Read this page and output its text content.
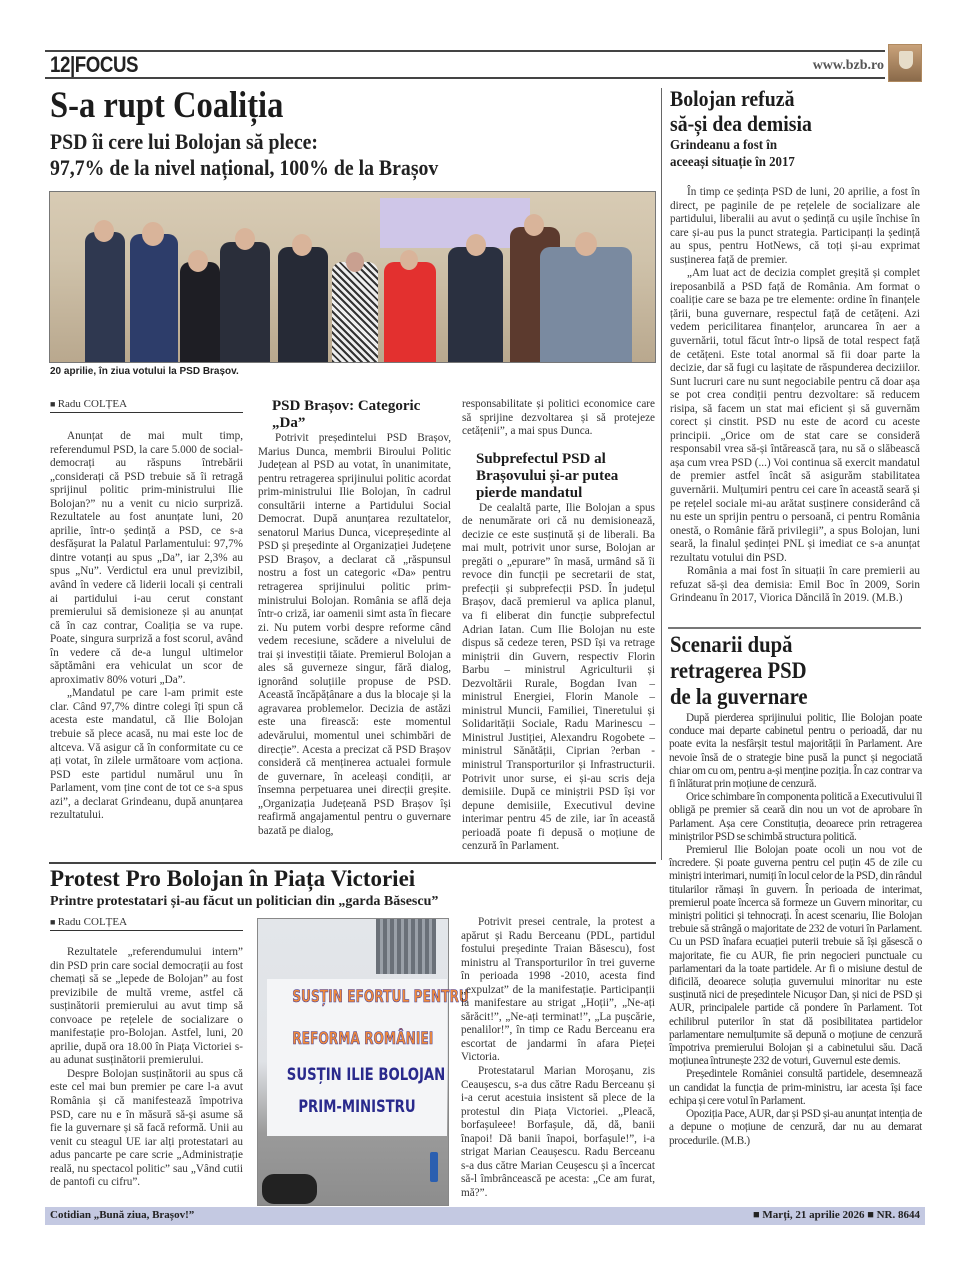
12|FOCUS	www.bzb.ro
S-a rupt Coaliția
PSD îi cere lui Bolojan să plece:
97,7% de la nivel național, 100% de la Brașov
20 aprilie, în ziua votului la PSD Brașov.
■ Radu COLȚEA

Anunțat de mai mult timp, referendumul PSD, la care 5.000 de social-democrați au răspuns întrebării „considerați că PSD trebuie să îi retragă sprijinul politic prim-ministrului Ilie Bolojan?” nu a venit cu nicio surpriză. Rezultatele au fost anunțate luni, 20 aprilie, într-o ședință a PSD, ce s-a desfășurat la Palatul Parlamentului: 97,7% dintre votanți au spus „Da”, iar 2,3% au spus „Nu”. Verdictul era unul previzibil, având în vedere că liderii locali și centrali ai partidului i-au cerut constant premierului să demisioneze și au anunțat că în caz contrar, Coaliția se va rupe. Poate, singura surpriză a fost scorul, având în vedere că de-a lungul ultimelor săptămâni era vehiculat un scor de aproximativ 80% voturi „Da”.

„Mandatul pe care l-am primit este clar. Când 97,7% dintre colegi îți spun că acesta este mandatul, că Ilie Bolojan trebuie să plece acasă, nu mai este loc de altceva. Vă asigur că în conformitate cu ce ați votat, în zilele următoare vom acționa. PSD este partidul numărul unu în Parlament, vom ține cont de tot ce s-a spus azi”, a declarat Grindeanu, după anunțarea rezultatului.

PSD Brașov: Categoric „Da”

Potrivit președintelui PSD Brașov, Marius Dunca, membrii Biroului Politic Județean al PSD au votat, în unanimitate, pentru retragerea sprijinului politic acordat prim-ministrului Ilie Bolojan, în cadrul consultării interne a Partidului Social Democrat. După anunțarea rezultatelor, senatorul Marius Dunca, vicepreședinte al PSD și președinte al Organizației Județene PSD Brașov, a declarat că „răspunsul nostru a fost un categoric «Da» pentru retragerea sprijinului politic prim-ministrului Bolojan. România se află deja într-o criză, iar oamenii simt asta în fiecare zi. Nu putem vorbi despre reforme când vedem recesiune, scădere a nivelului de trai și investiții tăiate. Premierul Bolojan a ales să guverneze singur, fără dialog, ignorând soluțiile propuse de PSD. Această încăpățânare a dus la blocaje și la agravarea problemelor. Decizia de astăzi este una firească: este momentul adevărului, momentul unei schimbări de direcție”. Acesta a precizat că PSD Brașov consideră că menținerea actualei formule de guvernare, în aceleași condiții, ar însemna perpetuarea unei direcții greșite. „Organizația Județeană PSD Brașov își reafirmă angajamentul pentru o guvernare bazată pe dialog,

responsabilitate și politici economice care să sprijine dezvoltarea și să protejeze cetățenii”, a mai spus Dunca.
Subprefectul PSD al Brașovului și-ar putea pierde mandatul

De cealaltă parte, Ilie Bolojan a spus de nenumărate ori că nu demisionează, decizie ce este susținută și de liberali. Ba mai mult, potrivit unor surse, Bolojan ar pregăti o „epurare” în masă, urmând să îi revoce din funcții pe secretarii de stat, prefecții și subprefecții PSD. În județul Brașov, dacă premierul va aplica planul, va fi eliberat din funcție subprefectul Adrian Iatan. Cum Ilie Bolojan nu este dispus să cedeze teren, PSD își va retrage miniștrii din Guvern, respectiv Florin Barbu – ministrul Agriculturii și Dezvoltării Rurale, Bogdan Ivan – ministrul Energiei, Florin Manole – ministrul Muncii, Familiei, Tineretului și Solidarității Sociale, Radu Marinescu – Ministrul Justiției, Alexandru Rogobete – ministrul Sănătății, Ciprian ?erban - ministrul Transporturilor și Infrastructurii. Potrivit unor surse, ei și-au scris deja demisiile. După ce miniștrii PSD își vor depune demisiile, Executivul devine interimar pentru 45 de zile, iar în această perioadă poate fi depusă o moțiune de cenzură în Parlament.

Bolojan refuză
să-și dea demisia
Grindeanu a fost în
aceeași situație în 2017

În timp ce ședința PSD de luni, 20 aprilie, a fost în direct, pe paginile de pe rețelele de socializare ale partidului, liberalii au avut o ședință cu ușile închise în care și-au pus la punct strategia. Participanți la ședință au spus, pentru HotNews, că toți și-au exprimat susținerea față de premier.

„Am luat act de decizia complet greșită și complet ireposanbilă a PSD față de România. Am format o coaliție care se baza pe tre elemente: ordine în finanțele țării, buna guvernare, respectul față de cetățeni. Azi vedem pericilitarea finanțelor, aruncarea în aer a guvernării, totul făcut într-o lipsă de total respect față de cetățeni. Este total anormal să fii doar parte la decizie, dar să fugi cu lașitate de răspunderea deciziilor. Sunt lucruri care nu sunt negociabile pentru că doar așa se pot crea condiții pentru dezvoltare: să reducem risipa, să facem un stat mai eficient și să guvernăm corect și cinstit. PSD nu este de acord cu aceste principii. „Orice om de stat care se consideră responsabil vrea să-și întărească țara, nu să o slăbească așa cum vrea PSD (...) Voi continua să exercit mandatul de premier astfel încât să asigurăm stabilitatea guvernării. Mulțumiri pentru cei care în această seară și pe rețelel sociale mi-au arătat susținere considerând că nu este un sprijin pentru o persoană, ci pentru România onestă, o Românie fără privilegii”, a spus Bolojan, luni seară, la finalul ședinței PNL și imediat ce s-a anunțat rezultatu votului din PSD.

România a mai fost în situații în care premierii au refuzat să-și dea demisia: Emil Boc în 2009, Sorin Grindeanu în 2017, Viorica Dăncilă în 2019. (M.B.)

Scenarii după
retragerea PSD
de la guvernare

După pierderea sprijinului politic, Ilie Bolojan poate conduce mai departe cabinetul pentru o perioadă, dar nu poate evita la nesfârșit testul majorității în Parlament. Are nevoie însă de o strategie bine pusă la punct și negociată chiar om cu om, pentru a-și menține poziția. În caz contrar va fi înlăturat prin moțiune de cenzură.

Orice schimbare în componenta politică a Executivului îl obligă pe premier să ceară din nou un vot de aprobare în Parlament. Așa cere Constituția, deoarece prin retragerea miniștrilor PSD se schimbă structura politică.

Premierul Ilie Bolojan poate ocoli un nou vot de încredere. Și poate guverna pentru cel puțin 45 de zile cu miniștri interimari, numiți în locul celor de la PSD, din rândul titularilor rămași în guvern. În perioada de interimat, premierul poate încerca să formeze un Guvern minoritar, cu miniștri politici și tehnocrați. În acest scenariu, Ilie Bolojan trebuie să strângă o majoritate de 232 de voturi în Parlament. Cu un PSD înafara ecuației puterii trebuie să își găsescă o majoritate, fie cu AUR, fie prin negocieri punctuale cu parlamentari da la toate partidele. Ar fi o misiune destul de dificilă, deoarece soluția guvernului minoritar nu este susținută nici de președintele Nicușor Dan, și nici de PSD și AUR, principalele partide că pondere în Parlament. Tot echilibrul puterilor în stat dă posibilitatea partidelor parlamentare nemulțumite să depună o moțiune de cenzură împotriva premierului Bolojan și a cabinetului său. Dacă moțiunea întrunește 232 de voturi, Guvernul este demis.

Președintele României consultă partidele, desemnează un candidat la funcția de prim-ministru, iar acesta își face echipa și cere votul în Parlament.

Opoziția Pace, AUR, dar și PSD și-au anunțat intenția de a depune o moțiune de cenzură, dar nu au demarat procedurile. (M.B.)

Protest Pro Bolojan în Piața Victoriei
Printre protestatari și-au făcut un politician din „garda Băsescu”
■ Radu COLȚEA

Rezultatele „referendumului intern” din PSD prin care social democrații au fost chemați să se „lepede de Bolojan” au fost previzibile de multă vreme, astfel că susținătorii premierului au avut timp să convoace pe rețelele de socializare o manifestație pro-Bolojan. Astfel, luni, 20 aprilie, după ora 18.00 în Piața Victoriei s-au adunat susținătorii premierului.

Despre Bolojan susținătorii au spus că este cel mai bun premier pe care l-a avut România și că manifestează împotriva PSD, care nu e în măsură să-și asume să fie la guvernare și să facă reformă. Unii au venit cu steagul UE iar alți protestatari au adus pancarte pe care scrie „Administrație reală, nu spectacol politic” sau „Vând cutii de pantofi cu cifru”.

SUSȚIN EFORTUL PENTRU
REFORMA ROMÂNIEI
SUSȚIN ILIE BOLOJAN
PRIM-MINISTRU

Potrivit presei centrale, la protest a apărut și Radu Berceanu (PDL, partidul fostului președinte Traian Băsescu), fost ministru al Transporturilor în trei guverne în perioada 1998 -2010, acesta find „expulzat” de la manifestație. Participanții la manifestare au strigat „Hoții”, „Ne-ați sărăcit!”, „Ne-ați terminat!”, „La pușcărie, penalilor!”, în timp ce Radu Berceanu era escortat de jandarmi în afara Pieței Victoria.

Protestatarul Marian Moroșanu, zis Ceaușescu, s-a dus către Radu Berceanu și i-a cerut acestuia insistent să plece de la protestul din Piața Victoriei. „Pleacă, borfașuleee! Borfașule, dă, dă, banii înapoi! Dă banii înapoi, borfașule!”, i-a strigat Marian Ceaușescu. Radu Berceanu s-a dus către Marian Ceușescu și a încercat să-l îmbrâncească pe acesta: „Ce am furat, mă?”.

Cotidian „Bună ziua, Brașov!”	■ Marți, 21 aprilie 2026 ■ NR. 8644
